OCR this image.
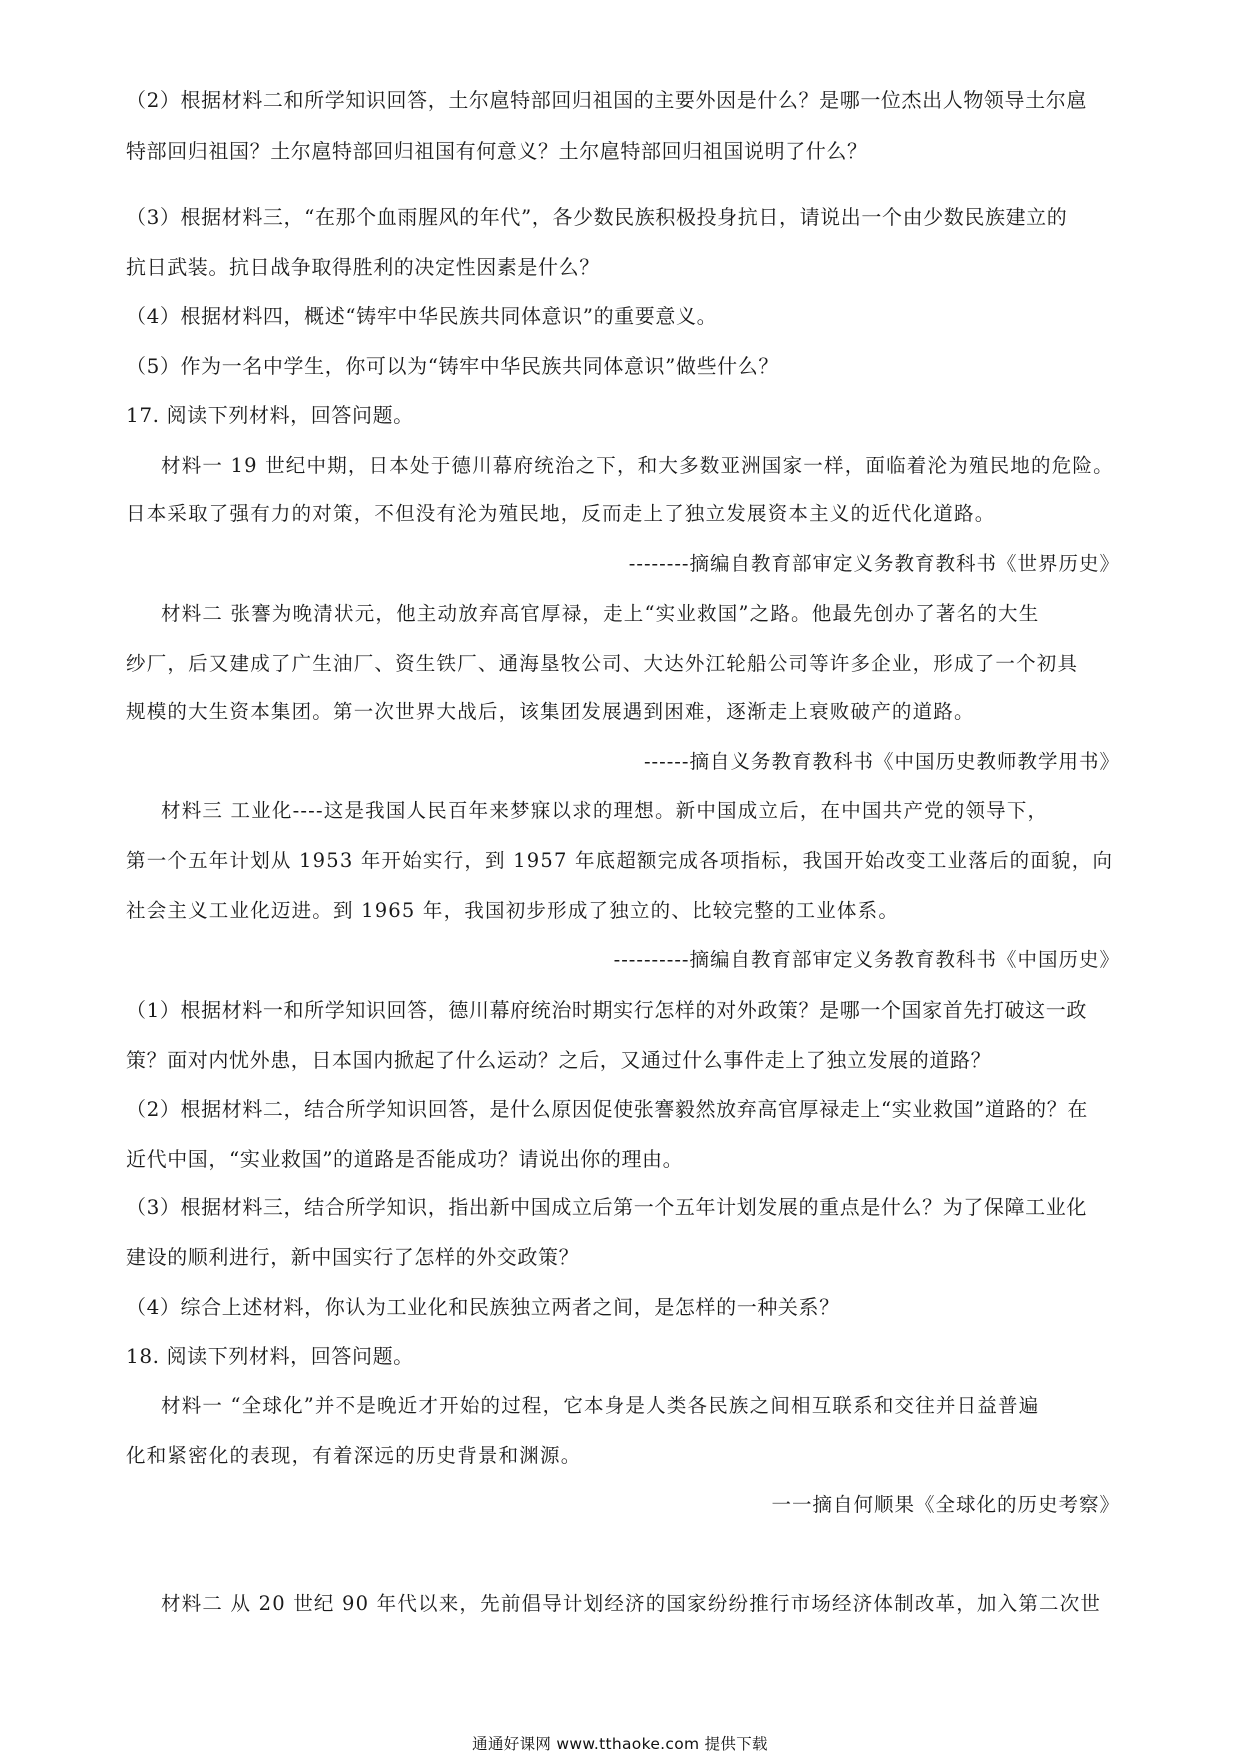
（2）根据材料二和所学知识回答，土尔扈特部回归祖国的主要外因是什么？是哪一位杰出人物领导土尔扈
特部回归祖国？土尔扈特部回归祖国有何意义？土尔扈特部回归祖国说明了什么？
（3）根据材料三，“在那个血雨腥风的年代”，各少数民族积极投身抗日，请说出一个由少数民族建立的
抗日武装。抗日战争取得胜利的决定性因素是什么？
（4）根据材料四，概述“铸牢中华民族共同体意识”的重要意义。
（5）作为一名中学生，你可以为“铸牢中华民族共同体意识”做些什么？
17. 阅读下列材料，回答问题。
材料一 19 世纪中期，日本处于德川幕府统治之下，和大多数亚洲国家一样，面临着沦为殖民地的危险。
日本采取了强有力的对策，不但没有沦为殖民地，反而走上了独立发展资本主义的近代化道路。
--------摘编自教育部审定义务教育教科书《世界历史》
材料二 张謇为晚清状元，他主动放弃高官厚禄，走上“实业救国”之路。他最先创办了著名的大生
纱厂，后又建成了广生油厂、资生铁厂、通海垦牧公司、大达外江轮船公司等许多企业，形成了一个初具
规模的大生资本集团。第一次世界大战后，该集团发展遇到困难，逐渐走上衰败破产的道路。
------摘自义务教育教科书《中国历史教师教学用书》
材料三 工业化----这是我国人民百年来梦寐以求的理想。新中国成立后，在中国共产党的领导下，
第一个五年计划从 1953 年开始实行，到 1957 年底超额完成各项指标，我国开始改变工业落后的面貌，向
社会主义工业化迈进。到 1965 年，我国初步形成了独立的、比较完整的工业体系。
----------摘编自教育部审定义务教育教科书《中国历史》
（1）根据材料一和所学知识回答，德川幕府统治时期实行怎样的对外政策？是哪一个国家首先打破这一政
策？面对内忧外患，日本国内掀起了什么运动？之后，又通过什么事件走上了独立发展的道路？
（2）根据材料二，结合所学知识回答，是什么原因促使张謇毅然放弃高官厚禄走上“实业救国”道路的？在
近代中国，“实业救国”的道路是否能成功？请说出你的理由。
（3）根据材料三，结合所学知识，指出新中国成立后第一个五年计划发展的重点是什么？为了保障工业化
建设的顺利进行，新中国实行了怎样的外交政策？
（4）综合上述材料，你认为工业化和民族独立两者之间，是怎样的一种关系？
18. 阅读下列材料，回答问题。
材料一 “全球化”并不是晚近才开始的过程，它本身是人类各民族之间相互联系和交往并日益普遍
化和紧密化的表现，有着深远的历史背景和渊源。
一一摘自何顺果《全球化的历史考察》
材料二 从 20 世纪 90 年代以来，先前倡导计划经济的国家纷纷推行市场经济体制改革，加入第二次世
通通好课网 www.tthaoke.com 提供下载
